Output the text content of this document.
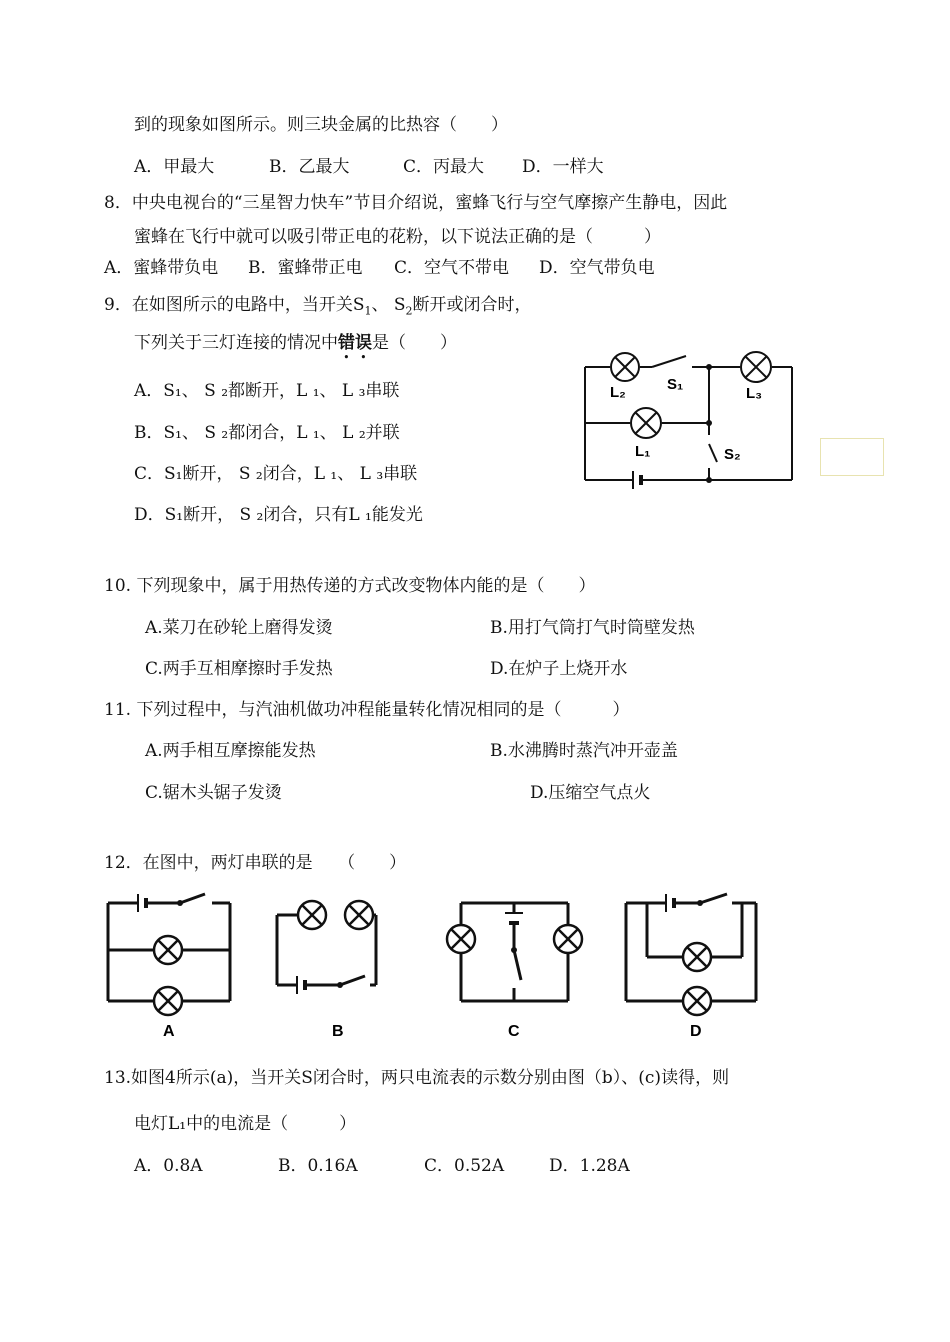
到的现象如图所示。则三块金属的比热容（　　）
A．甲最大	B．乙最大	C．丙最大 D．一样大
8．中央电视台的“三星智力快车”节目介绍说，蜜蜂飞行与空气摩擦产生静电，因此
蜜蜂在飞行中就可以吸引带正电的花粉，以下说法正确的是（　　　）
A．蜜蜂带负电 B．蜜蜂带正电 C．空气不带电 D．空气带负电
9．在如图所示的电路中，当开关$S_1$、 $S_2$断开或闭合时，
下列关于三灯连接的情况中错误是（　　）
A．S₁、 S ₂都断开，L ₁、 L ₃串联
B．S₁、 S ₂都闭合，L ₁、 L ₂并联
C．S₁断开， S ₂闭合，L ₁、 L ₃串联
D．S₁断开， S ₂闭合，只有L ₁能发光
L₂	S₁
L₃
L₁	S₂
10. 下列现象中，属于用热传递的方式改变物体内能的是（　　）
A.菜刀在砂轮上磨得发烫	B.用打气筒打气时筒壁发热
C.两手互相摩擦时手发热	D.在炉子上烧开水
11. 下列过程中，与汽油机做功冲程能量转化情况相同的是（　　　）
A.两手相互摩擦能发热	B.水沸腾时蒸汽冲开壶盖
C.锯木头锯子发烫	D.压缩空气点火
12．在图中，两灯串联的是　　（　　）
A	B	C	D
13.如图4所示(a)，当开关S闭合时，两只电流表的示数分别由图（b）、(c)读得，则
电灯L₁中的电流是（　　　）
A．0.8A	B．0.16A	C．0.52A	D．1.28A
